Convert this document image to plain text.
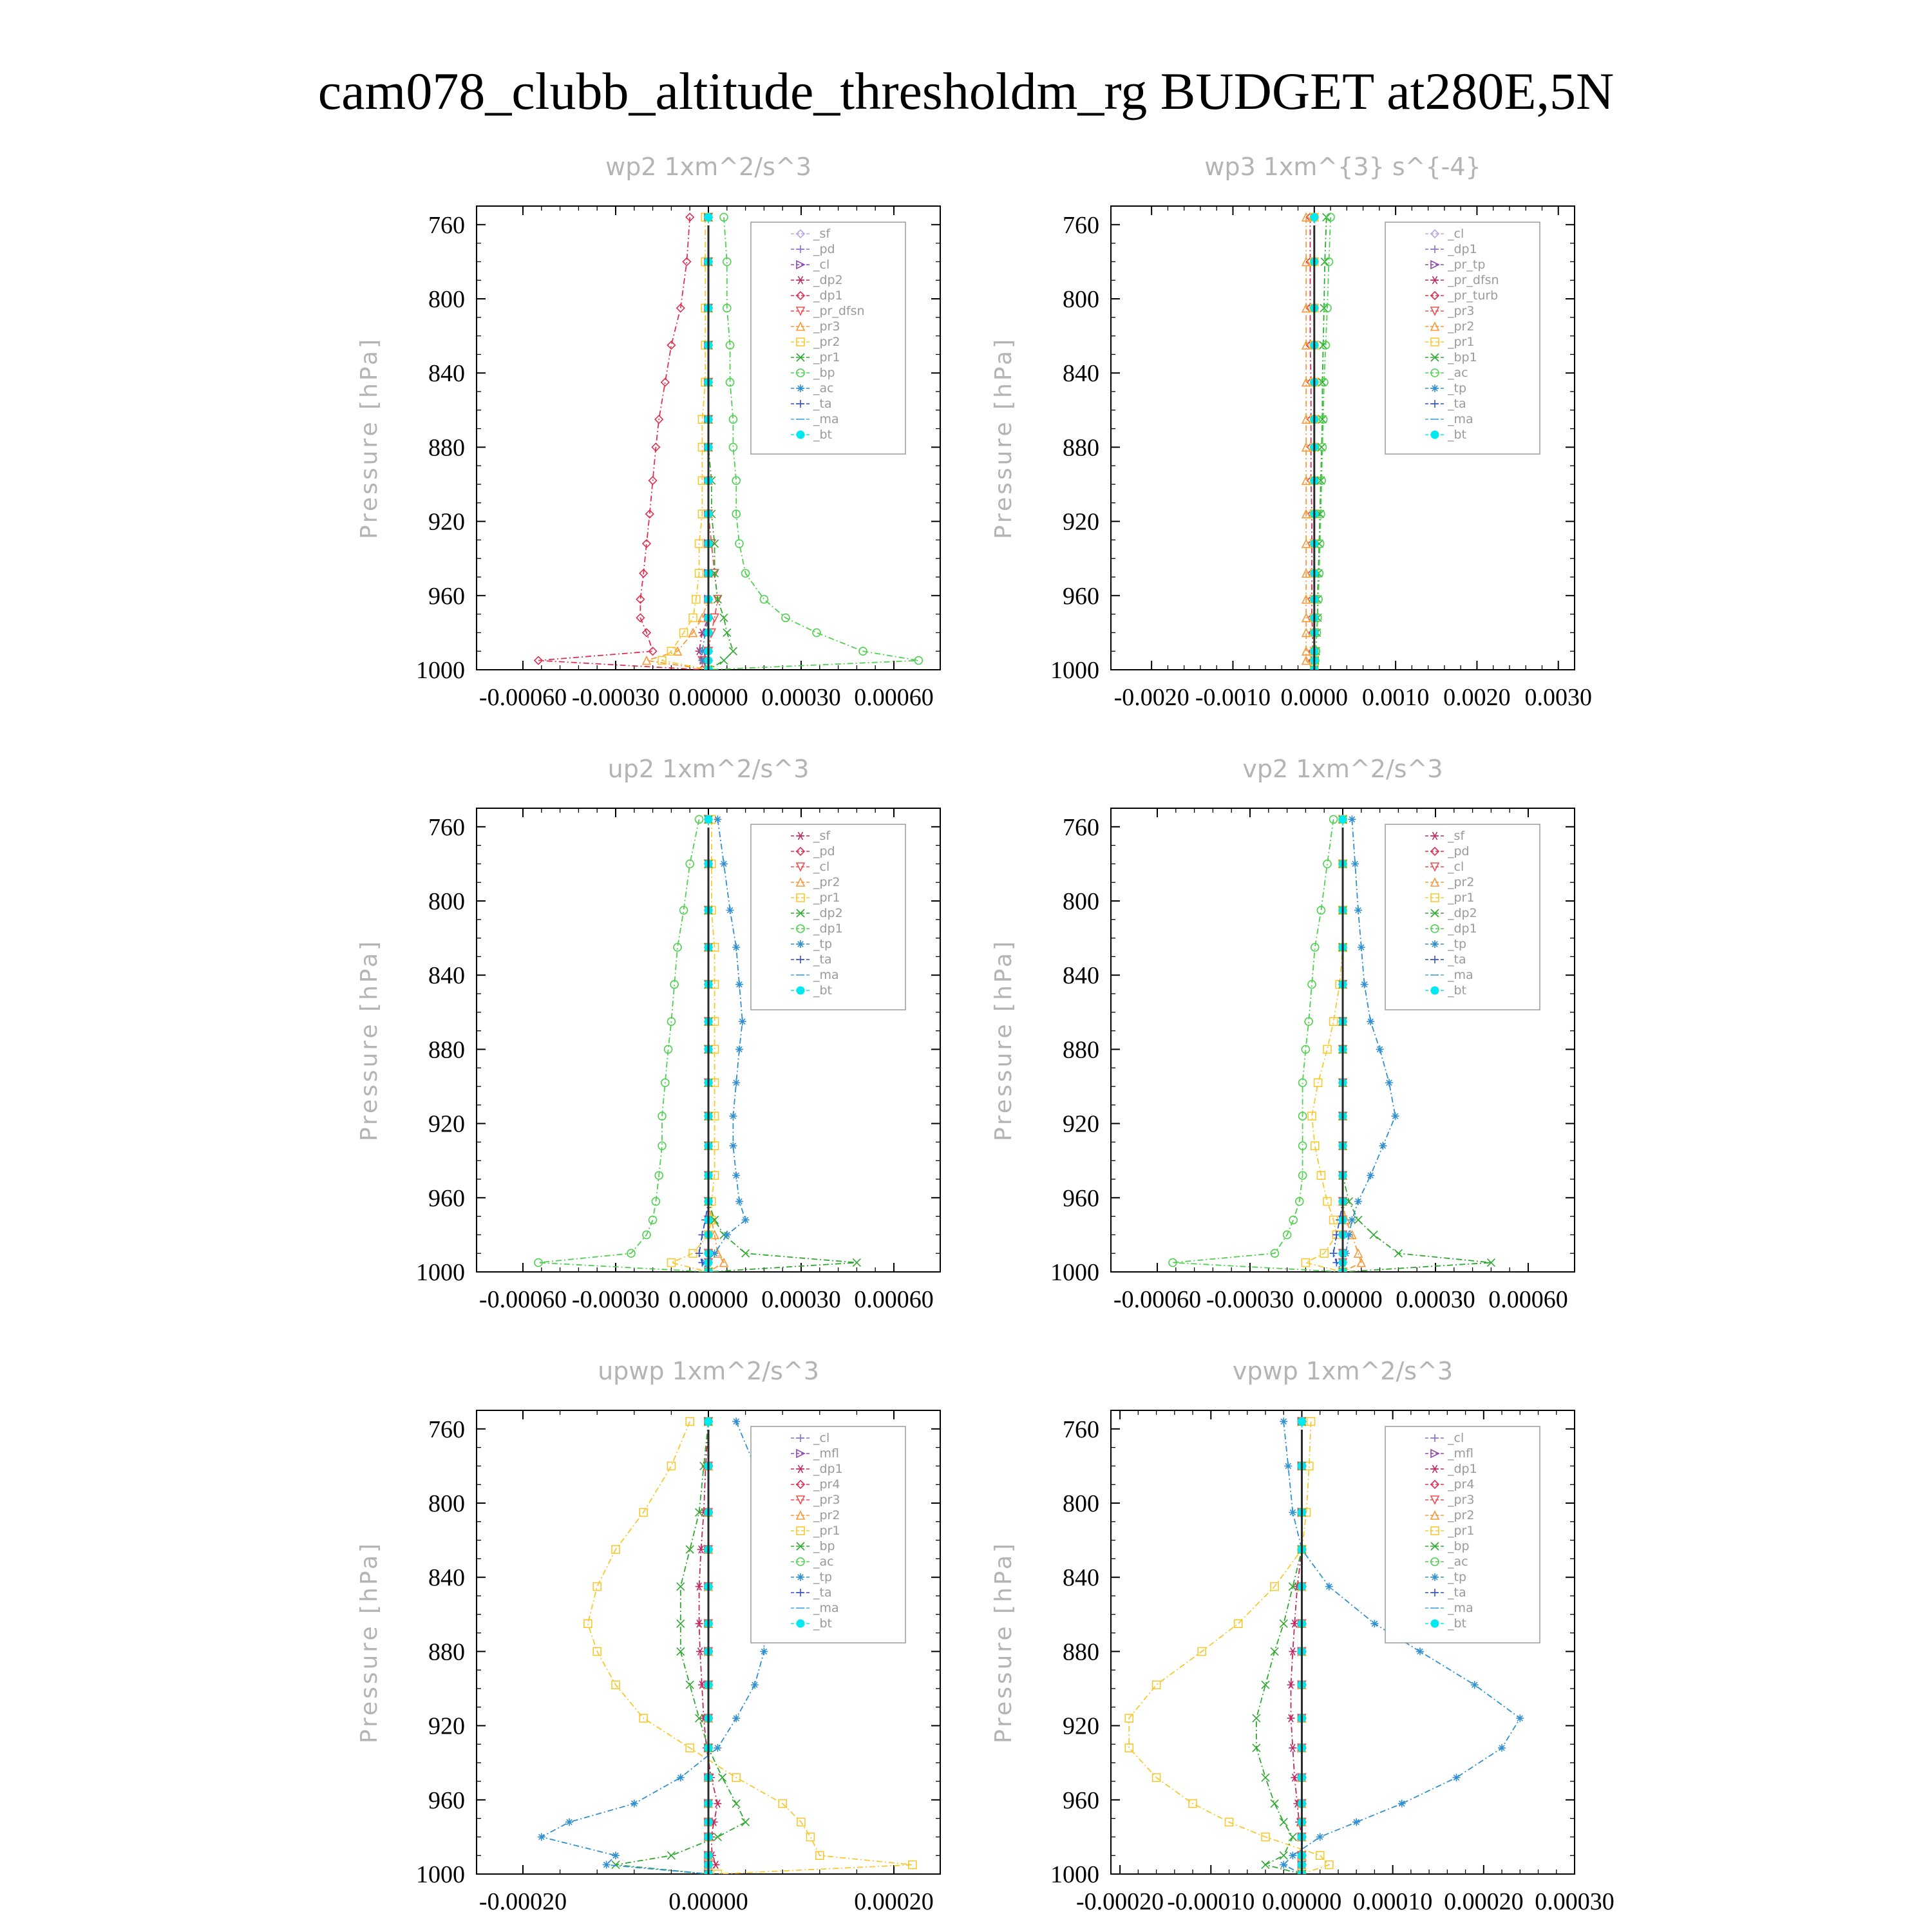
cam078_clubb_altitude_thresholdm_rg BUDGET at280E,5N
wp2 1xm^2/s^3
Pressure [hPa]
760
800
840
880
920
960
1000
-0.00060 -0.00030 0.00000 0.00030 0.00060
_sf
_pd
_cl
_dp2
_dp1
_pr_dfsn
_pr3
_pr2
_pr1
_bp
_ac
_ta
_ma
_bt
wp3 1xm^{3} s^{-4}
Pressure [hPa]
760
800
840
880
920
960
1000
-0.0020 -0.0010 0.0000 0.0010 0.0020 0.0030
_cl
_dp1
_pr_tp
_pr_dfsn
_pr_turb
_pr3
_pr2
_pr1
_bp1
_ac
_tp
_ta
_ma
_bt
up2 1xm^2/s^3
Pressure [hPa]
760
800
840
880
920
960
1000
-0.00060 -0.00030 0.00000 0.00030 0.00060
_sf
_pd
_cl
_pr2
_pr1
_dp2
_dp1
_tp
_ta
_ma
_bt
vp2 1xm^2/s^3
Pressure [hPa]
760
800
840
880
920
960
1000
-0.00060 -0.00030 0.00000 0.00030 0.00060
_sf
_pd
_cl
_pr2
_pr1
_dp2
_dp1
_tp
_ta
_ma
_bt
upwp 1xm^2/s^3
Pressure [hPa]
760
800
840
880
920
960
1000
-0.00020	0.00000	0.00020
_cl
_mfl
_dp1
_pr4
_pr3
_pr2
_pr1
_bp
_ac
_tp
_ta
_ma
_bt
vpwp 1xm^2/s^3
Pressure [hPa]
760
800
840
880
920
960
1000
-0.00020 -0.00010 0.00000 0.00010 0.00020 0.00030
_cl
_mfl
_dp1
_pr4
_pr3
_pr2
_pr1
_bp
_ac
_tp
_ta
_ma
_bt
